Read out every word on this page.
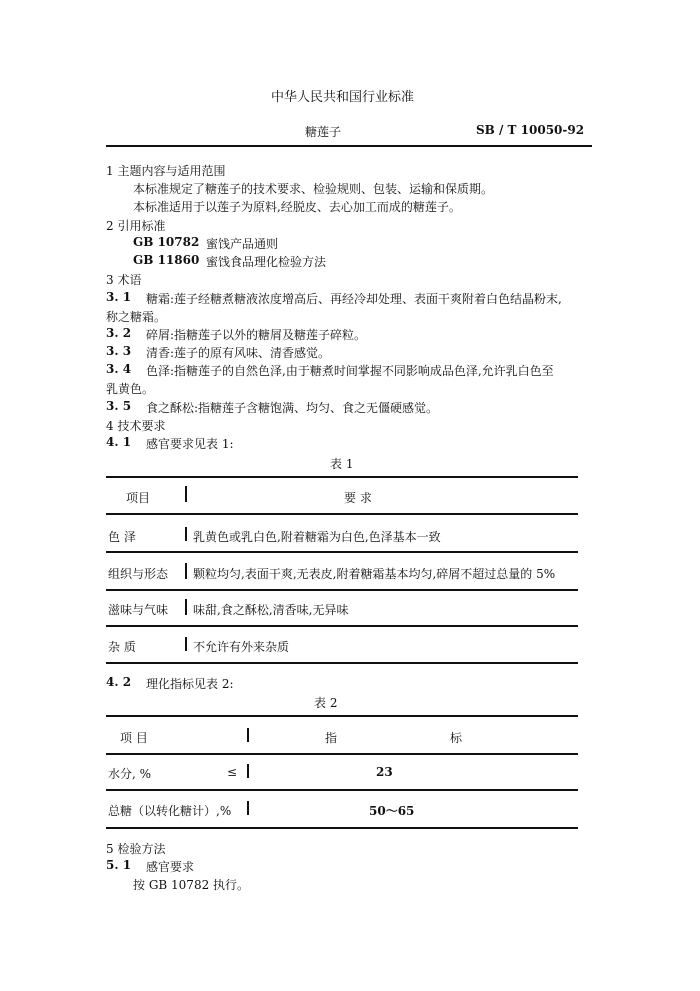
中华人民共和国行业标准
糖莲子	SB / T 10050-92
1 主题内容与适用范围
本标准规定了糖莲子的技术要求、检验规则、包装、运输和保质期。
本标准适用于以莲子为原料,经脱皮、去心加工而成的糖莲子。
2 引用标准
GB 10782 蜜饯产品通则
GB 11860 蜜饯食品理化检验方法
3 术语
3. 1 糖霜:莲子经糖煮糖液浓度增高后、再经冷却处理、表面干爽附着白色结晶粉末,
称之糖霜。
3. 2 碎屑:指糖莲子以外的糖屑及糖莲子碎粒。
3. 3 清香:莲子的原有风味、清香感觉。
3. 4 色泽:指糖莲子的自然色泽,由于糖煮时间掌握不同影响成品色泽,允许乳白色至
乳黄色。
3. 5 食之酥松:指糖莲子含糖饱满、均匀、食之无僵硬感觉。
4 技术要求
4. 1 感官要求见表 1:
表 1
项目	要 求
色 泽	乳黄色或乳白色,附着糖霜为白色,色泽基本一致
组织与形态 颗粒均匀,表面干爽,无表皮,附着糖霜基本均匀,碎屑不超过总量的 5%
滋味与气味 味甜,食之酥松,清香味,无异味
杂 质	不允许有外来杂质
4. 2 理化指标见表 2:
表 2
项 目	指	标
水分, %	≤	23
总糖（以转化糖计）,%	50～65
5 检验方法
5. 1 感官要求
按 GB 10782 执行。
